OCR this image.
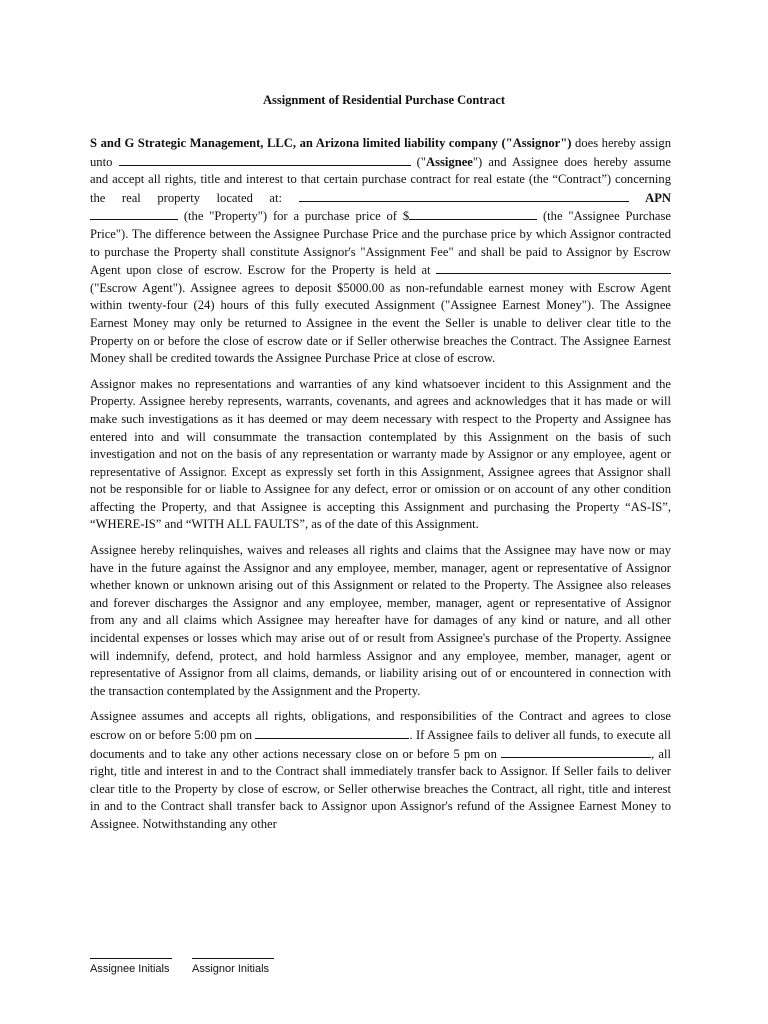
Assignment of Residential Purchase Contract

S and G Strategic Management, LLC, an Arizona limited liability company ("Assignor") does hereby assign unto	("Assignee") and Assignee does hereby assume and accept all rights, title and interest to that certain purchase contract for real estate (the “Contract”) concerning the real property located at:	APN (the "Property") for a purchase price of $	(the "Assignee Purchase Price"). The difference between the Assignee Purchase Price and the purchase price by which Assignor contracted to purchase the Property shall constitute Assignor's "Assignment Fee" and shall be paid to Assignor by Escrow Agent upon close of escrow. Escrow for the Property is held at  ("Escrow Agent"). Assignee agrees to deposit $5000.00 as non-refundable earnest money with Escrow Agent within twenty-four (24) hours of this fully executed Assignment ("Assignee Earnest Money"). The Assignee Earnest Money may only be returned to Assignee in the event the Seller is unable to deliver clear title to the Property on or before the close of escrow date or if Seller otherwise breaches the Contract. The Assignee Earnest Money shall be credited towards the Assignee Purchase Price at close of escrow.

Assignor makes no representations and warranties of any kind whatsoever incident to this Assignment and the Property. Assignee hereby represents, warrants, covenants, and agrees and acknowledges that it has made or will make such investigations as it has deemed or may deem necessary with respect to the Property and Assignee has entered into and will consummate the transaction contemplated by this Assignment on the basis of such investigation and not on the basis of any representation or warranty made by Assignor or any employee, agent or representative of Assignor. Except as expressly set forth in this Assignment, Assignee agrees that Assignor shall not be responsible for or liable to Assignee for any defect, error or omission or on account of any other condition affecting the Property, and that Assignee is accepting this Assignment and purchasing the Property “AS-IS”, “WHERE-IS” and “WITH ALL FAULTS”, as of the date of this Assignment.

Assignee hereby relinquishes, waives and releases all rights and claims that the Assignee may have now or may have in the future against the Assignor and any employee, member, manager, agent or representative of Assignor whether known or unknown arising out of this Assignment or related to the Property. The Assignee also releases and forever discharges the Assignor and any employee, member, manager, agent or representative of Assignor from any and all claims which Assignee may hereafter have for damages of any kind or nature, and all other incidental expenses or losses which may arise out of or result from Assignee's purchase of the Property. Assignee will indemnify, defend, protect, and hold harmless Assignor and any employee, member, manager, agent or representative of Assignor from all claims, demands, or liability arising out of or encountered in connection with the transaction contemplated by the Assignment and the Property.

Assignee assumes and accepts all rights, obligations, and responsibilities of the Contract and agrees to close escrow on or before 5:00 pm on	. If Assignee fails to deliver all funds, to execute all documents and to take any other actions necessary close on or before 5 pm on	, all right, title and interest in and to the Contract shall immediately transfer back to Assignor. If Seller fails to deliver clear title to the Property by close of escrow, or Seller otherwise breaches the Contract, all right, title and interest in and to the Contract shall transfer back to Assignor upon Assignor's refund of the Assignee Earnest Money to Assignee. Notwithstanding any other

Assignee Initials Assignor Initials
